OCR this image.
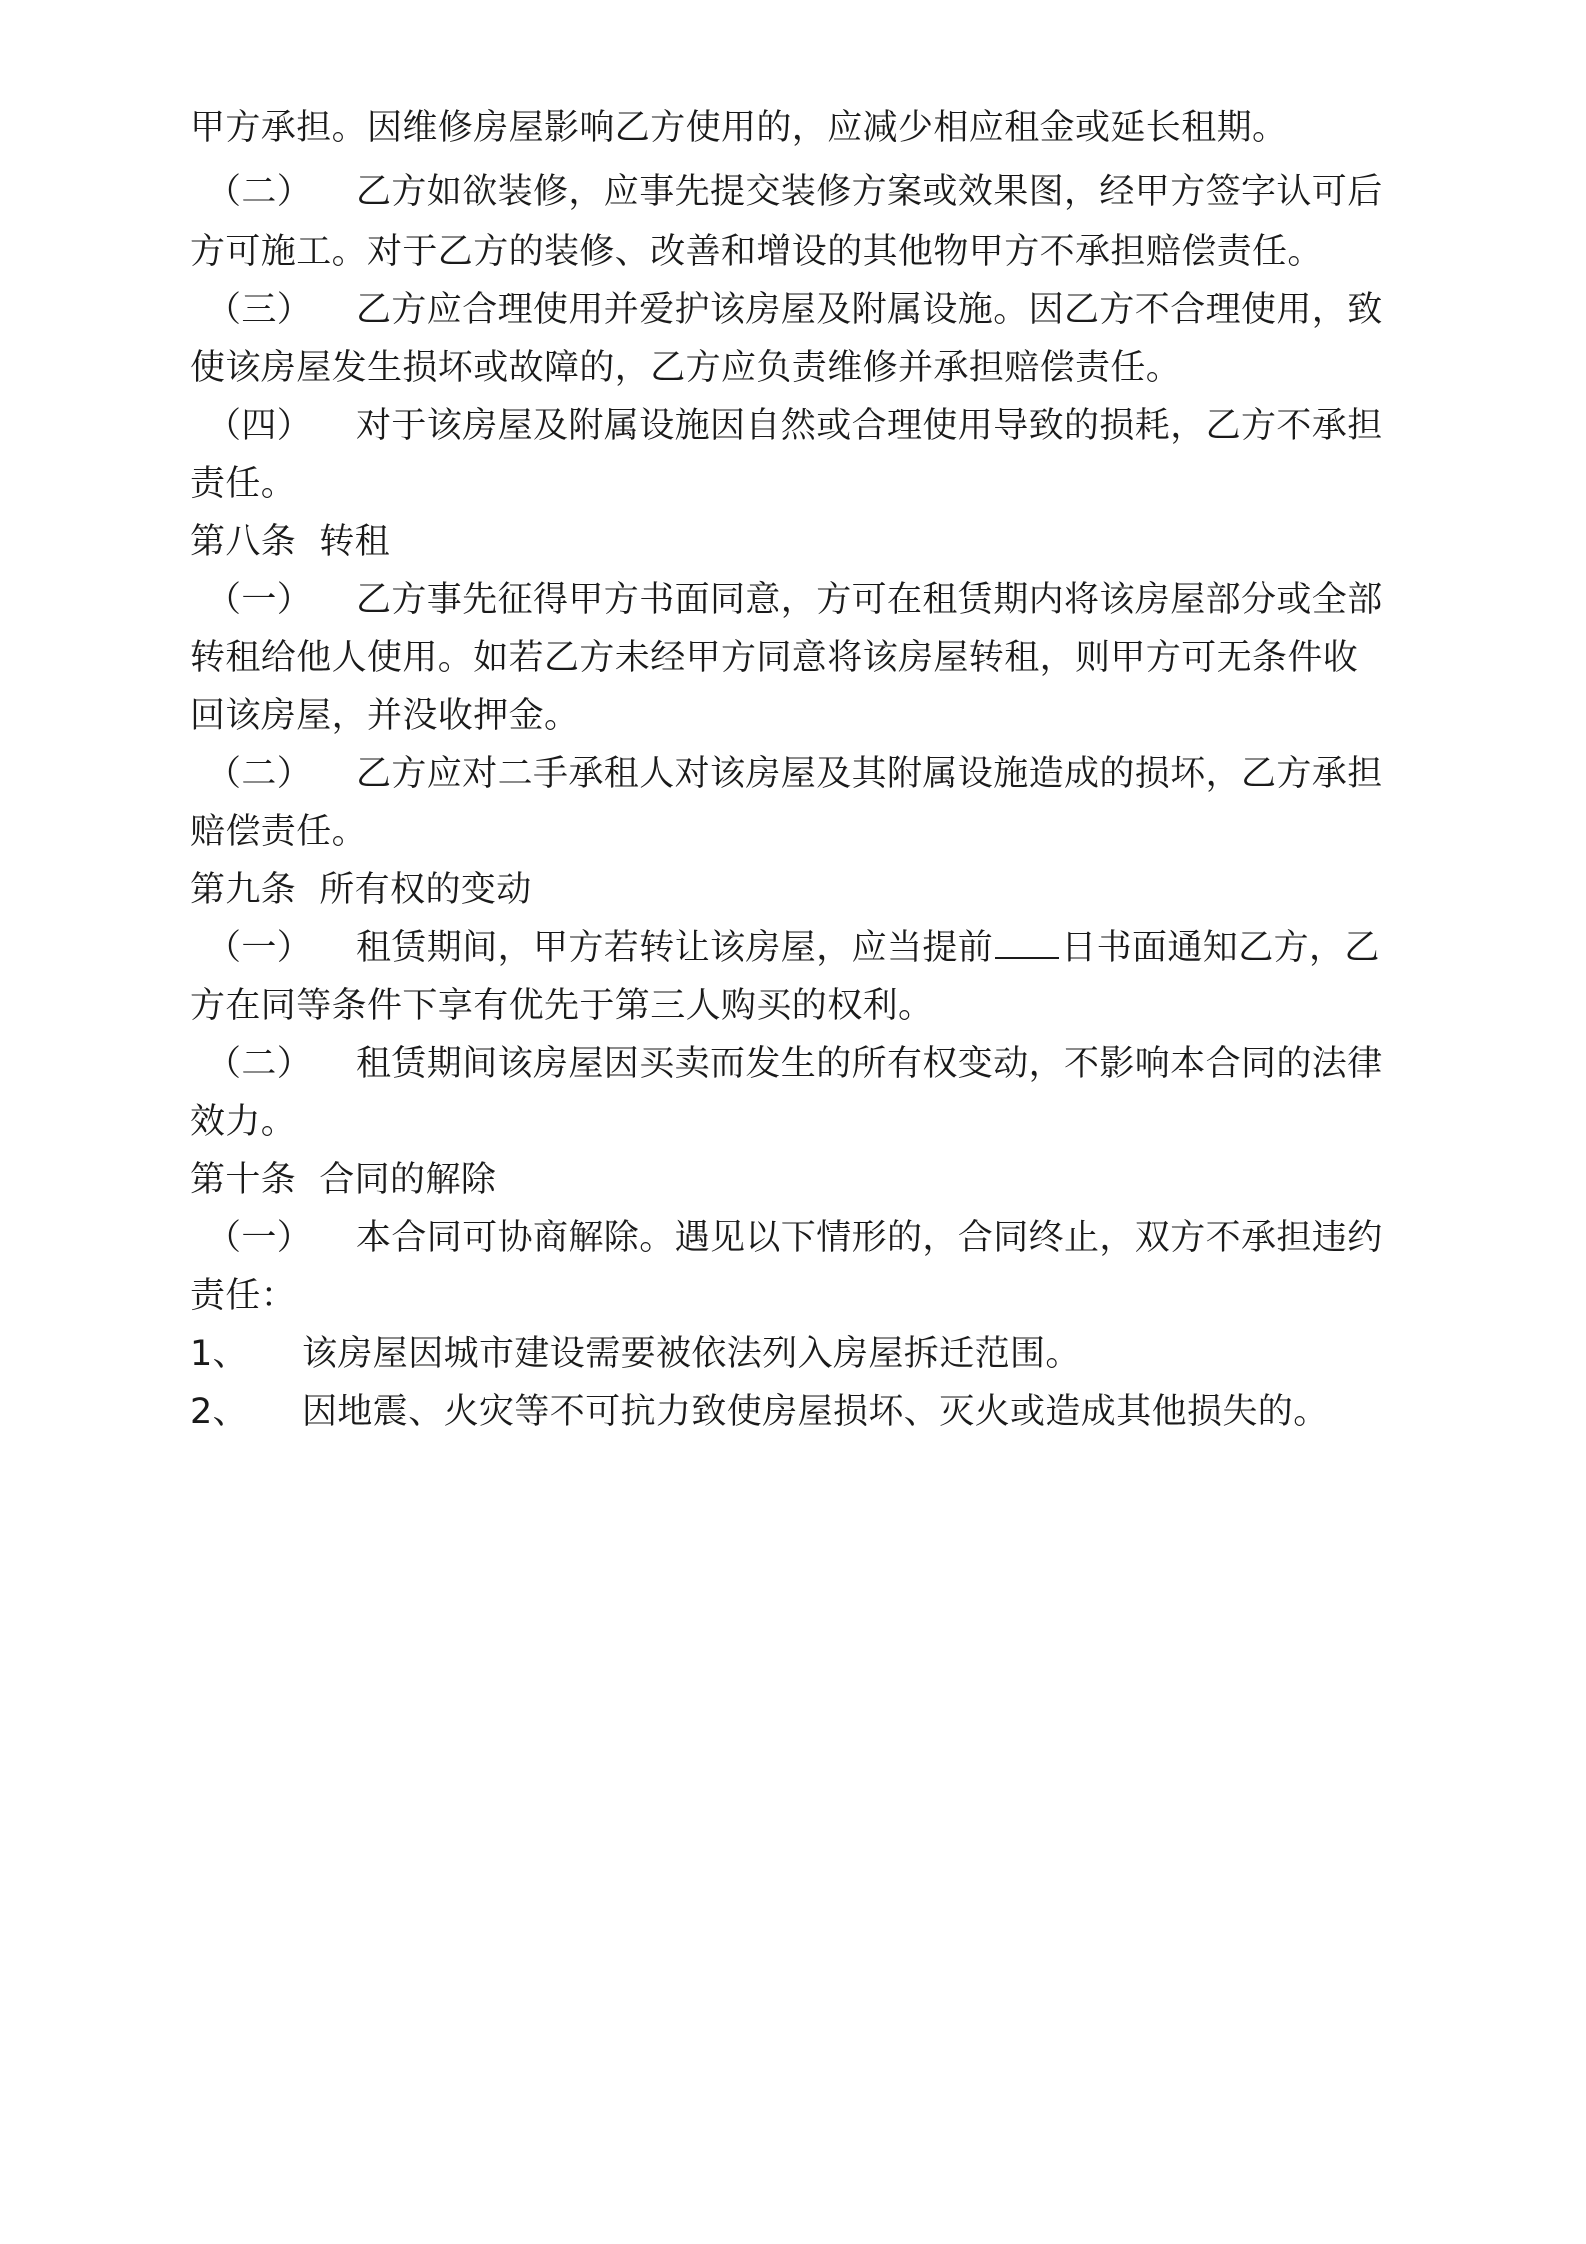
甲方承担。因维修房屋影响乙方使用的，应减少相应租金或延长租期。
（二） 乙方如欲装修，应事先提交装修方案或效果图，经甲方签字认可后
方可施工。对于乙方的装修、改善和增设的其他物甲方不承担赔偿责任。
（三） 乙方应合理使用并爱护该房屋及附属设施。因乙方不合理使用，致
使该房屋发生损坏或故障的，乙方应负责维修并承担赔偿责任。
（四） 对于该房屋及附属设施因自然或合理使用导致的损耗，乙方不承担
责任。
第八条  转租
（一） 乙方事先征得甲方书面同意，方可在租赁期内将该房屋部分或全部
转租给他人使用。如若乙方未经甲方同意将该房屋转租，则甲方可无条件收
回该房屋，并没收押金。
（二） 乙方应对二手承租人对该房屋及其附属设施造成的损坏，乙方承担
赔偿责任。
第九条  所有权的变动
（一） 租赁期间，甲方若转让该房屋，应当提前 日书面通知乙方，乙
方在同等条件下享有优先于第三人购买的权利。
（二） 租赁期间该房屋因买卖而发生的所有权变动，不影响本合同的法律
效力。
第十条  合同的解除
（一） 本合同可协商解除。遇见以下情形的，合同终止，双方不承担违约
责任：
1、 该房屋因城市建设需要被依法列入房屋拆迁范围。
2、 因地震、火灾等不可抗力致使房屋损坏、灭火或造成其他损失的。
